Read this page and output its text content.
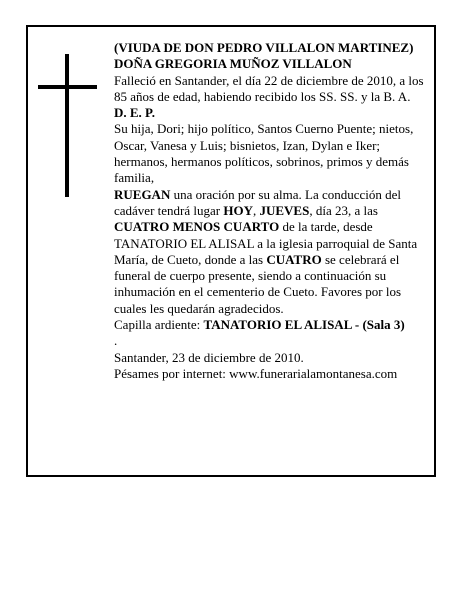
(VIUDA DE DON PEDRO VILLALON MARTINEZ)

DOÑA GREGORIA MUÑOZ VILLALON

Falleció en Santander, el día 22 de diciembre de 2010, a los 85 años de edad, habiendo recibido los SS. SS. y la B. A.

D. E. P.

Su hija, Dori; hijo político, Santos Cuerno Puente; nietos, Oscar, Vanesa y Luis; bisnietos, Izan, Dylan e Iker; hermanos, hermanos políticos, sobrinos, primos y demás familia,

RUEGAN una oración por su alma. La conducción del cadáver tendrá lugar HOY, JUEVES, día 23, a las CUATRO MENOS CUARTO de la tarde, desde TANATORIO EL ALISAL a la iglesia parroquial de Santa María, de Cueto, donde a las CUATRO se celebrará el funeral de cuerpo presente, siendo a continuación su inhumación en el cementerio de Cueto. Favores por los cuales les quedarán agradecidos.

Capilla ardiente: TANATORIO EL ALISAL - (Sala 3)
.

Santander, 23 de diciembre de 2010.

Pésames por internet: www.funerarialamontanesa.com
